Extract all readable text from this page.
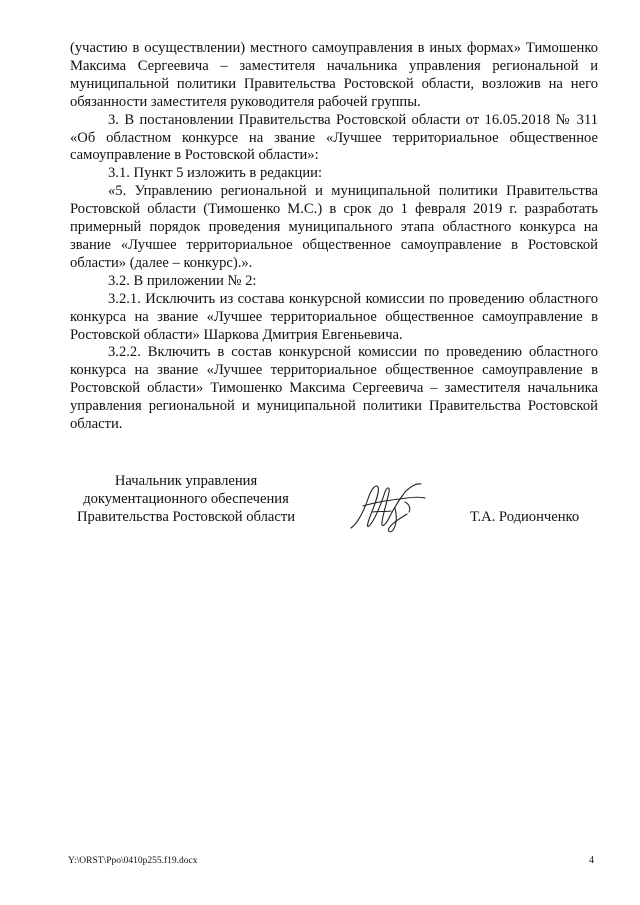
(участию в осуществлении) местного самоуправления в иных формах» Тимошенко Максима Сергеевича – заместителя начальника управления региональной и муниципальной политики Правительства Ростовской области, возложив на него обязанности заместителя руководителя рабочей группы.

3. В постановлении Правительства Ростовской области от 16.05.2018 № 311 «Об областном конкурсе на звание «Лучшее территориальное общественное самоуправление в Ростовской области»:

3.1. Пункт 5 изложить в редакции:

«5. Управлению региональной и муниципальной политики Правительства Ростовской области (Тимошенко М.С.) в срок до 1 февраля 2019 г. разработать примерный порядок проведения муниципального этапа областного конкурса на звание «Лучшее территориальное общественное самоуправление в Ростовской области» (далее – конкурс).».

3.2. В приложении № 2:

3.2.1. Исключить из состава конкурсной комиссии по проведению областного конкурса на звание «Лучшее территориальное общественное самоуправление в Ростовской области» Шаркова Дмитрия Евгеньевича.

3.2.2. Включить в состав конкурсной комиссии по проведению областного конкурса на звание «Лучшее территориальное общественное самоуправление в Ростовской области» Тимошенко Максима Сергеевича – заместителя начальника управления региональной и муниципальной политики Правительства Ростовской области.

Начальник управления
документационного обеспечения
Правительства Ростовской области	Т.А. Родионченко
Y:\ORST\Ppo\0410p255.f19.docx	4
